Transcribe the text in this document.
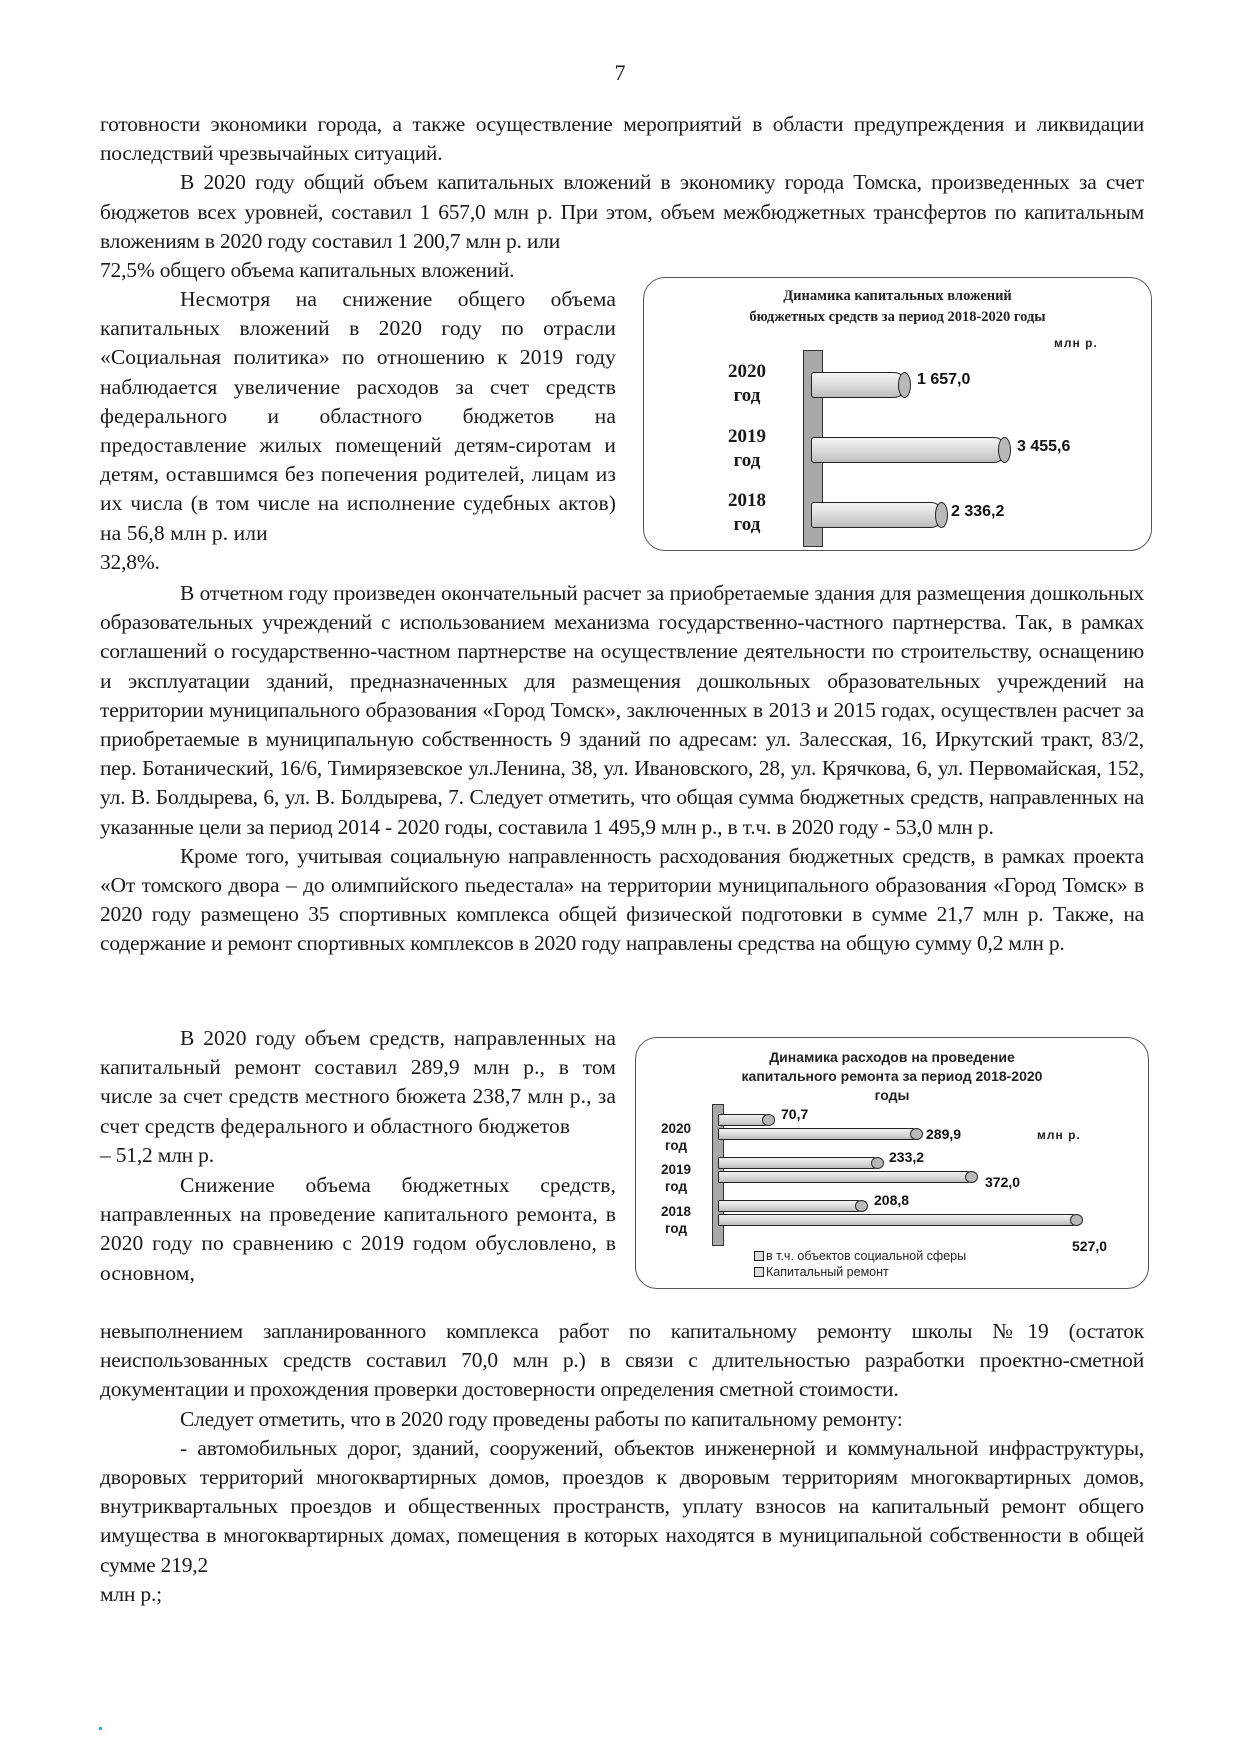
7

готовности экономики города, а также осуществление мероприятий в области предупреждения и ликвидации последствий чрезвычайных ситуаций.

В 2020 году общий объем капитальных вложений в экономику города Томска, произведенных за счет бюджетов всех уровней, составил 1 657,0 млн р. При этом, объем межбюджетных трансфертов по капитальным вложениям в 2020 году составил 1 200,7 млн р. или

72,5% общего объема капитальных вложений.
Несмотря на снижение общего объема капитальных вложений в 2020 году по отрасли «Социальная политика» по отношению к 2019 году наблюдается увеличение расходов за счет средств федерального и областного бюджетов на предоставление жилых помещений детям-сиротам и детям, оставшимся без попечения родителей, лицам из их числа (в том числе на исполнение судебных актов) на 56,8 млн р. или
32,8%.
Динамика капитальных вложений
бюджетных средств за период 2018-2020 годы
млн р.
2020
год
1 657,0
2019
год
3 455,6
2018
год
2 336,2

В отчетном году произведен окончательный расчет за приобретаемые здания для размещения дошкольных образовательных учреждений с использованием механизма государственно-частного партнерства. Так, в рамках соглашений о государственно-частном партнерстве на осуществление деятельности по строительству, оснащению и эксплуатации зданий, предназначенных для размещения дошкольных образовательных учреждений на территории муниципального образования «Город Томск», заключенных в 2013 и 2015 годах, осуществлен расчет за приобретаемые в муниципальную собственность 9 зданий по адресам: ул. Залесская, 16, Иркутский тракт, 83/2, пер. Ботанический, 16/6, Тимирязевское ул.Ленина, 38, ул. Ивановского, 28, ул. Крячкова, 6, ул. Первомайская, 152, ул. В. Болдырева, 6, ул. В. Болдырева, 7. Следует отметить, что общая сумма бюджетных средств, направленных на указанные цели за период 2014 - 2020 годы, составила 1 495,9 млн р., в т.ч. в 2020 году - 53,0 млн р.

Кроме того, учитывая социальную направленность расходования бюджетных средств, в рамках проекта «От томского двора – до олимпийского пьедестала» на территории муниципального образования «Город Томск» в 2020 году размещено 35 спортивных комплекса общей физической подготовки в сумме 21,7 млн р. Также, на содержание и ремонт спортивных комплексов в 2020 году направлены средства на общую сумму 0,2 млн р.

В 2020 году объем средств, направленных на капитальный ремонт составил 289,9 млн р., в том числе за счет средств местного бюжета 238,7 млн р., за счет средств федерального и областного бюджетов
– 51,2 млн р.
Снижение объема бюджетных средств, направленных на проведение капитального ремонта, в 2020 году по сравнению с 2019 годом обусловлено, в основном,
Динамика расходов на проведение
капитального ремонта за период 2018-2020
годы
млн р.
2020
год
70,7
289,9
2019
год
233,2
372,0
2018
год
208,8
527,0
в т.ч. объектов социальной сферы
Капитальный ремонт

невыполнением запланированного комплекса работ по капитальному ремонту школы №19 (остаток неиспользованных средств составил 70,0 млн р.) в связи с длительностью разработки проектно-сметной документации и прохождения проверки достоверности определения сметной стоимости.

Следует отметить, что в 2020 году проведены работы по капитальному ремонту:

- автомобильных дорог, зданий, сооружений, объектов инженерной и коммунальной инфраструктуры, дворовых территорий многоквартирных домов, проездов к дворовым территориям многоквартирных домов, внутриквартальных проездов и общественных пространств, уплату взносов на капитальный ремонт общего имущества в многоквартирных домах, помещения в которых находятся в муниципальной собственности в общей сумме 219,2

млн р.;
